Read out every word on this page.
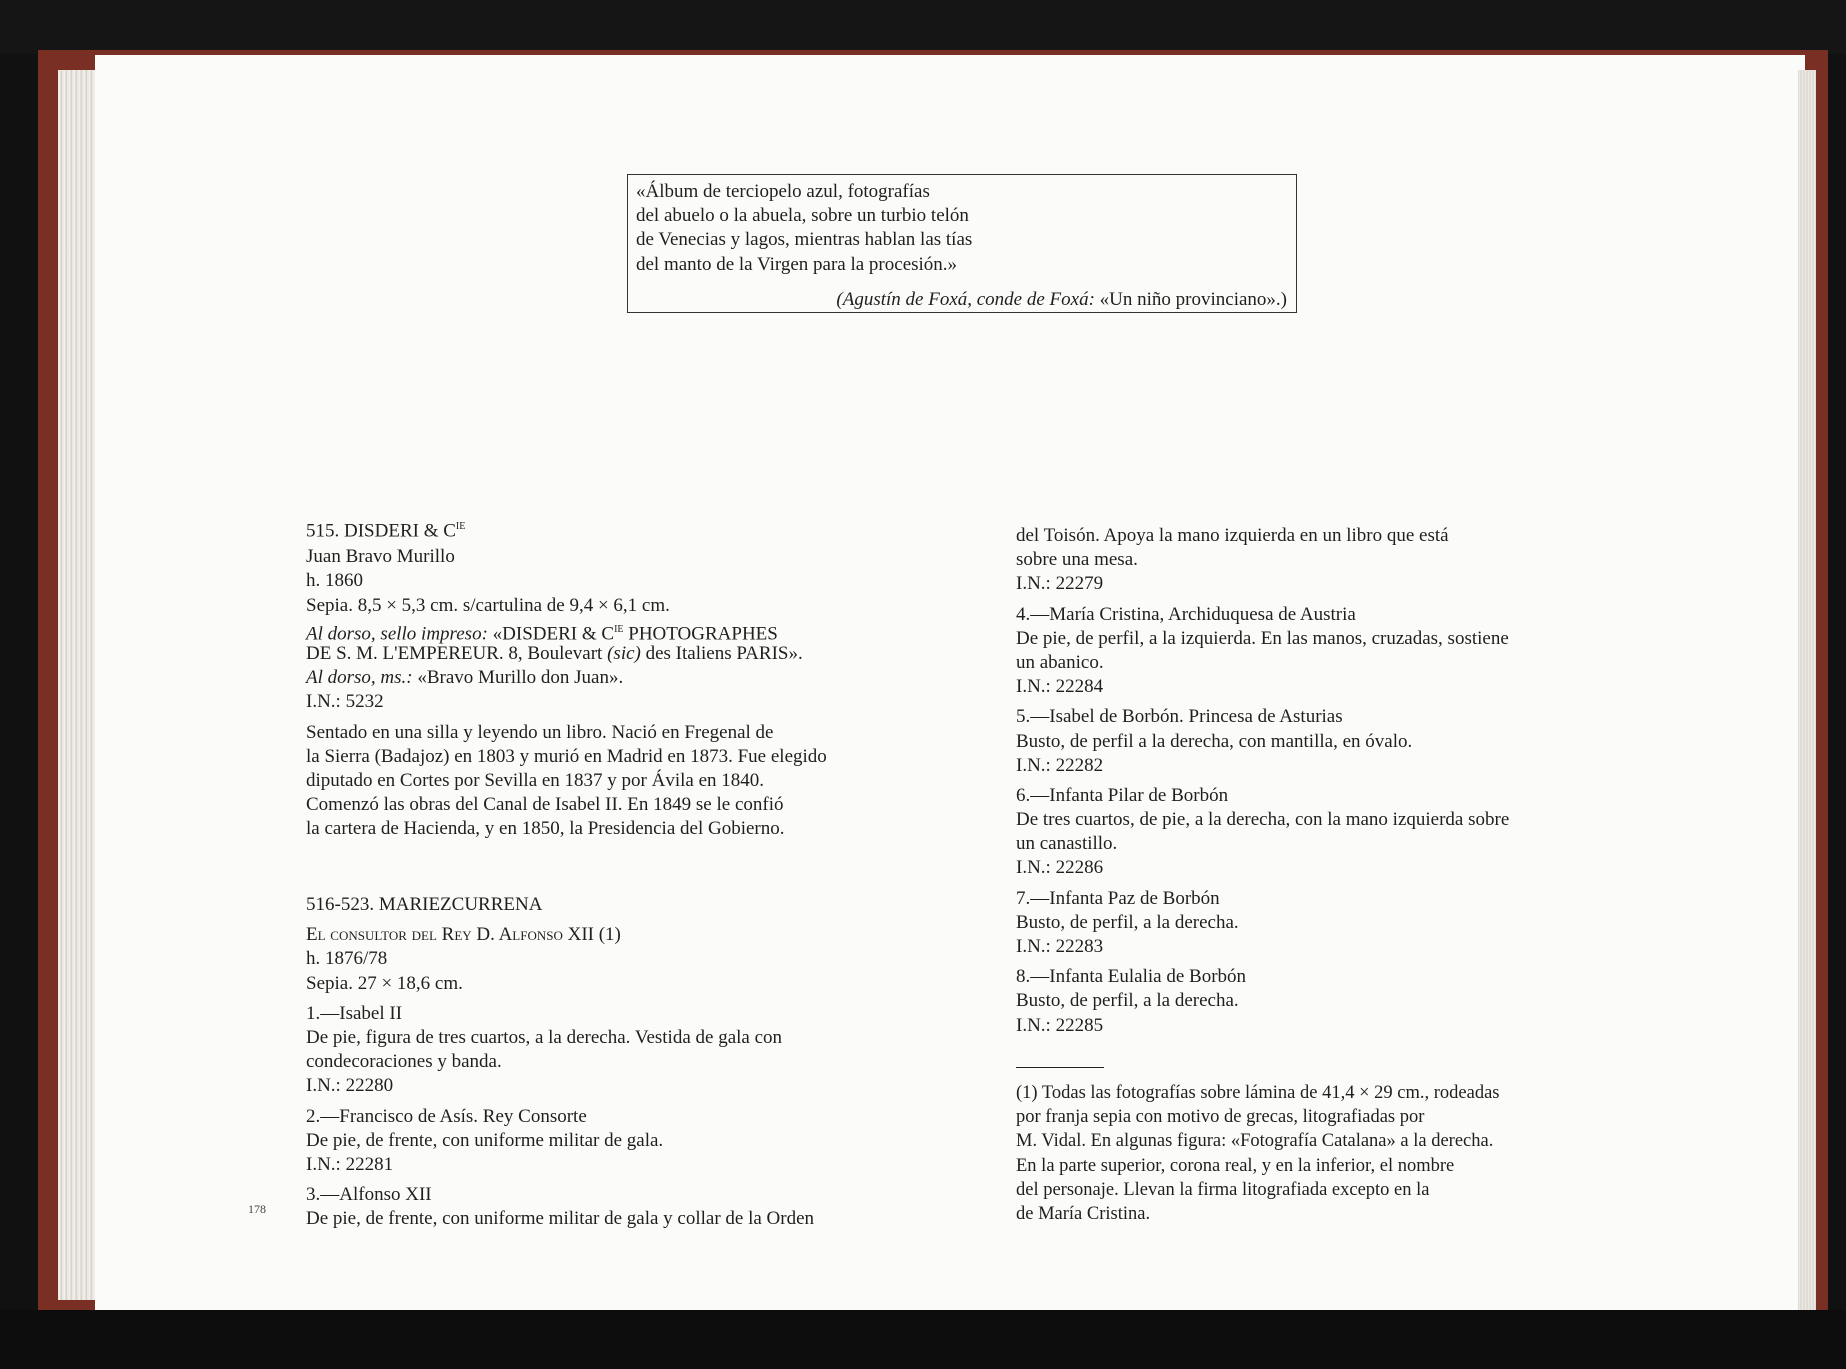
«Álbum de terciopelo azul, fotografías
del abuelo o la abuela, sobre un turbio telón
de Venecias y lagos, mientras hablan las tías
del manto de la Virgen para la procesión.»
(Agustín de Foxá, conde de Foxá: «Un niño provinciano».)
515. DISDERI & $C^{IE}$
Juan Bravo Murillo
h. 1860
Sepia. 8,5 × 5,3 cm. s/cartulina de 9,4 × 6,1 cm.
Al dorso, sello impreso: «DISDERI & $C^{IE}$ PHOTOGRAPHES
DE S. M. L'EMPEREUR. 8, Boulevart (sic) des Italiens PARIS».
Al dorso, ms.: «Bravo Murillo don Juan».
I.N.: 5232
Sentado en una silla y leyendo un libro. Nació en Fregenal de
la Sierra (Badajoz) en 1803 y murió en Madrid en 1873. Fue elegido
diputado en Cortes por Sevilla en 1837 y por Ávila en 1840.
Comenzó las obras del Canal de Isabel II. En 1849 se le confió
la cartera de Hacienda, y en 1850, la Presidencia del Gobierno.
516-523. MARIEZCURRENA
El consultor del Rey D. Alfonso XII (1)
h. 1876/78
Sepia. 27 × 18,6 cm.
1.—Isabel II
De pie, figura de tres cuartos, a la derecha. Vestida de gala con
condecoraciones y banda.
I.N.: 22280
2.—Francisco de Asís. Rey Consorte
De pie, de frente, con uniforme militar de gala.
I.N.: 22281
3.—Alfonso XII
De pie, de frente, con uniforme militar de gala y collar de la Orden
178
del Toisón. Apoya la mano izquierda en un libro que está
sobre una mesa.
I.N.: 22279
4.—María Cristina, Archiduquesa de Austria
De pie, de perfil, a la izquierda. En las manos, cruzadas, sostiene
un abanico.
I.N.: 22284
5.—Isabel de Borbón. Princesa de Asturias
Busto, de perfil a la derecha, con mantilla, en óvalo.
I.N.: 22282
6.—Infanta Pilar de Borbón
De tres cuartos, de pie, a la derecha, con la mano izquierda sobre
un canastillo.
I.N.: 22286
7.—Infanta Paz de Borbón
Busto, de perfil, a la derecha.
I.N.: 22283
8.—Infanta Eulalia de Borbón
Busto, de perfil, a la derecha.
I.N.: 22285
(1) Todas las fotografías sobre lámina de 41,4 × 29 cm., rodeadas
por franja sepia con motivo de grecas, litografiadas por
M. Vidal. En algunas figura: «Fotografía Catalana» a la derecha.
En la parte superior, corona real, y en la inferior, el nombre
del personaje. Llevan la firma litografiada excepto en la
de María Cristina.
